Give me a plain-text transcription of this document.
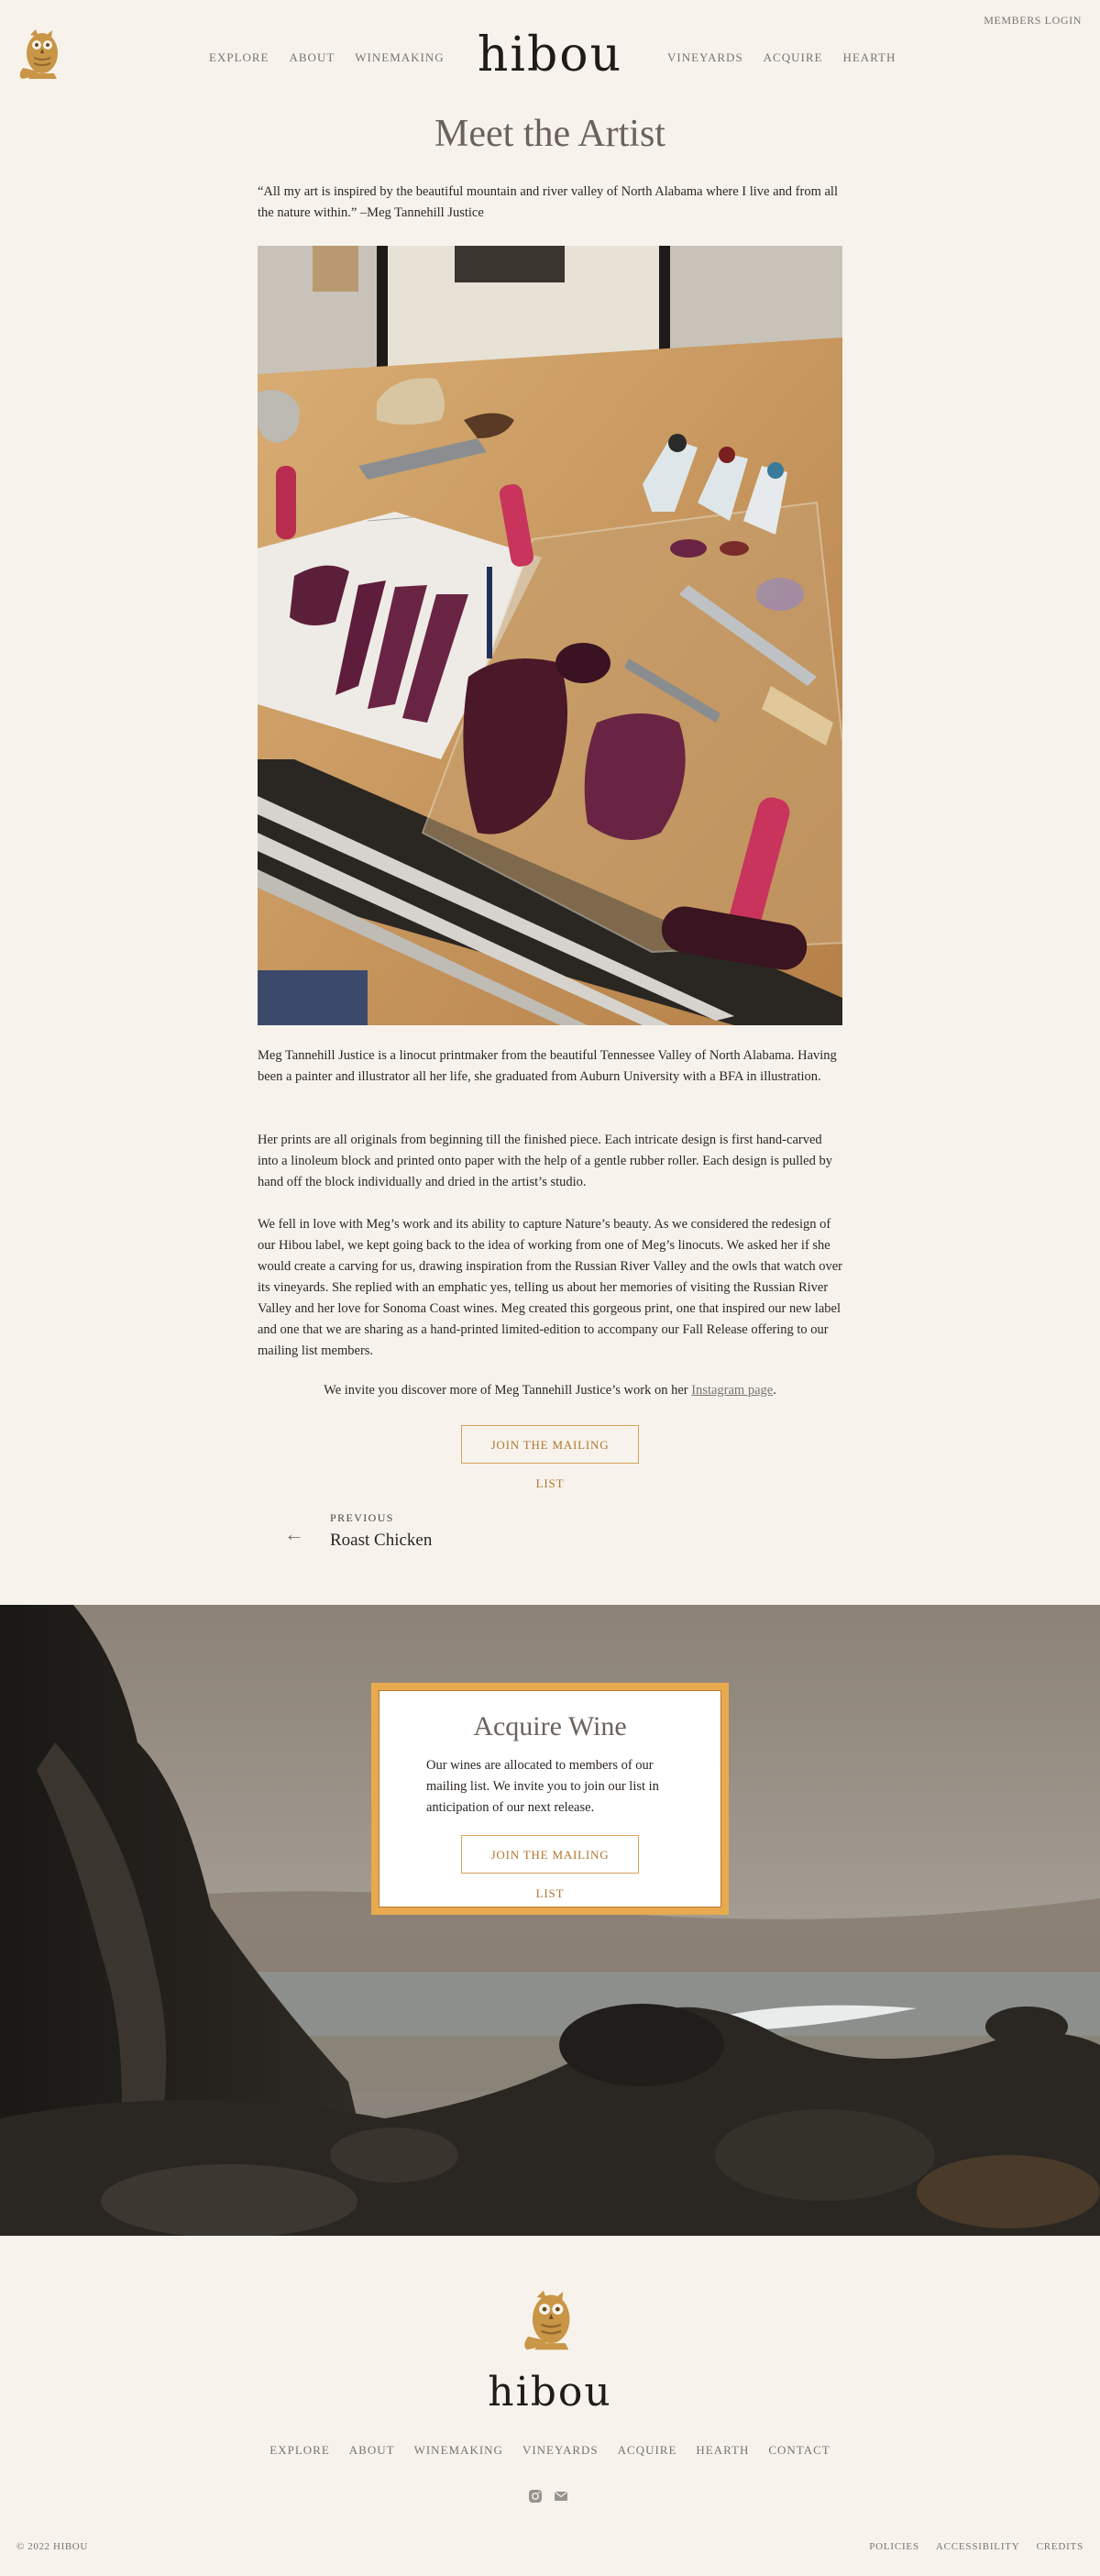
MEMBERS LOGIN
EXPLORE ABOUT WINEMAKING hibou	VINEYARDS ACQUIRE HEARTH
Meet the Artist

“All my art is inspired by the beautiful mountain and river valley of North Alabama where I live and from all the nature within.” –Meg Tannehill Justice

Meg Tannehill Justice is a linocut printmaker from the beautiful Tennessee Valley of North Alabama. Having been a painter and illustrator all her life, she graduated from Auburn University with a BFA in illustration.

Her prints are all originals from beginning till the finished piece. Each intricate design is first hand-carved into a linoleum block and printed onto paper with the help of a gentle rubber roller. Each design is pulled by hand off the block individually and dried in the artist’s studio.

We fell in love with Meg’s work and its ability to capture Nature’s beauty. As we considered the redesign of our Hibou label, we kept going back to the idea of working from one of Meg’s linocuts. We asked her if she would create a carving for us, drawing inspiration from the Russian River Valley and the owls that watch over its vineyards. She replied with an emphatic yes, telling us about her memories of visiting the Russian River Valley and her love for Sonoma Coast wines. Meg created this gorgeous print, one that inspired our new label and one that we are sharing as a hand-printed limited-edition to accompany our Fall Release offering to our mailing list members.

We invite you discover more of Meg Tannehill Justice’s work on her Instagram page.

JOIN THE MAILING LIST
←
PREVIOUS
Roast Chicken
Acquire Wine

Our wines are allocated to members of our mailing list. We invite you to join our list in anticipation of our next release.

JOIN THE MAILING LIST
hibou
EXPLORE ABOUT WINEMAKING VINEYARDS ACQUIRE HEARTH CONTACT
© 2022 HIBOU	POLICIES ACCESSIBILITY CREDITS
